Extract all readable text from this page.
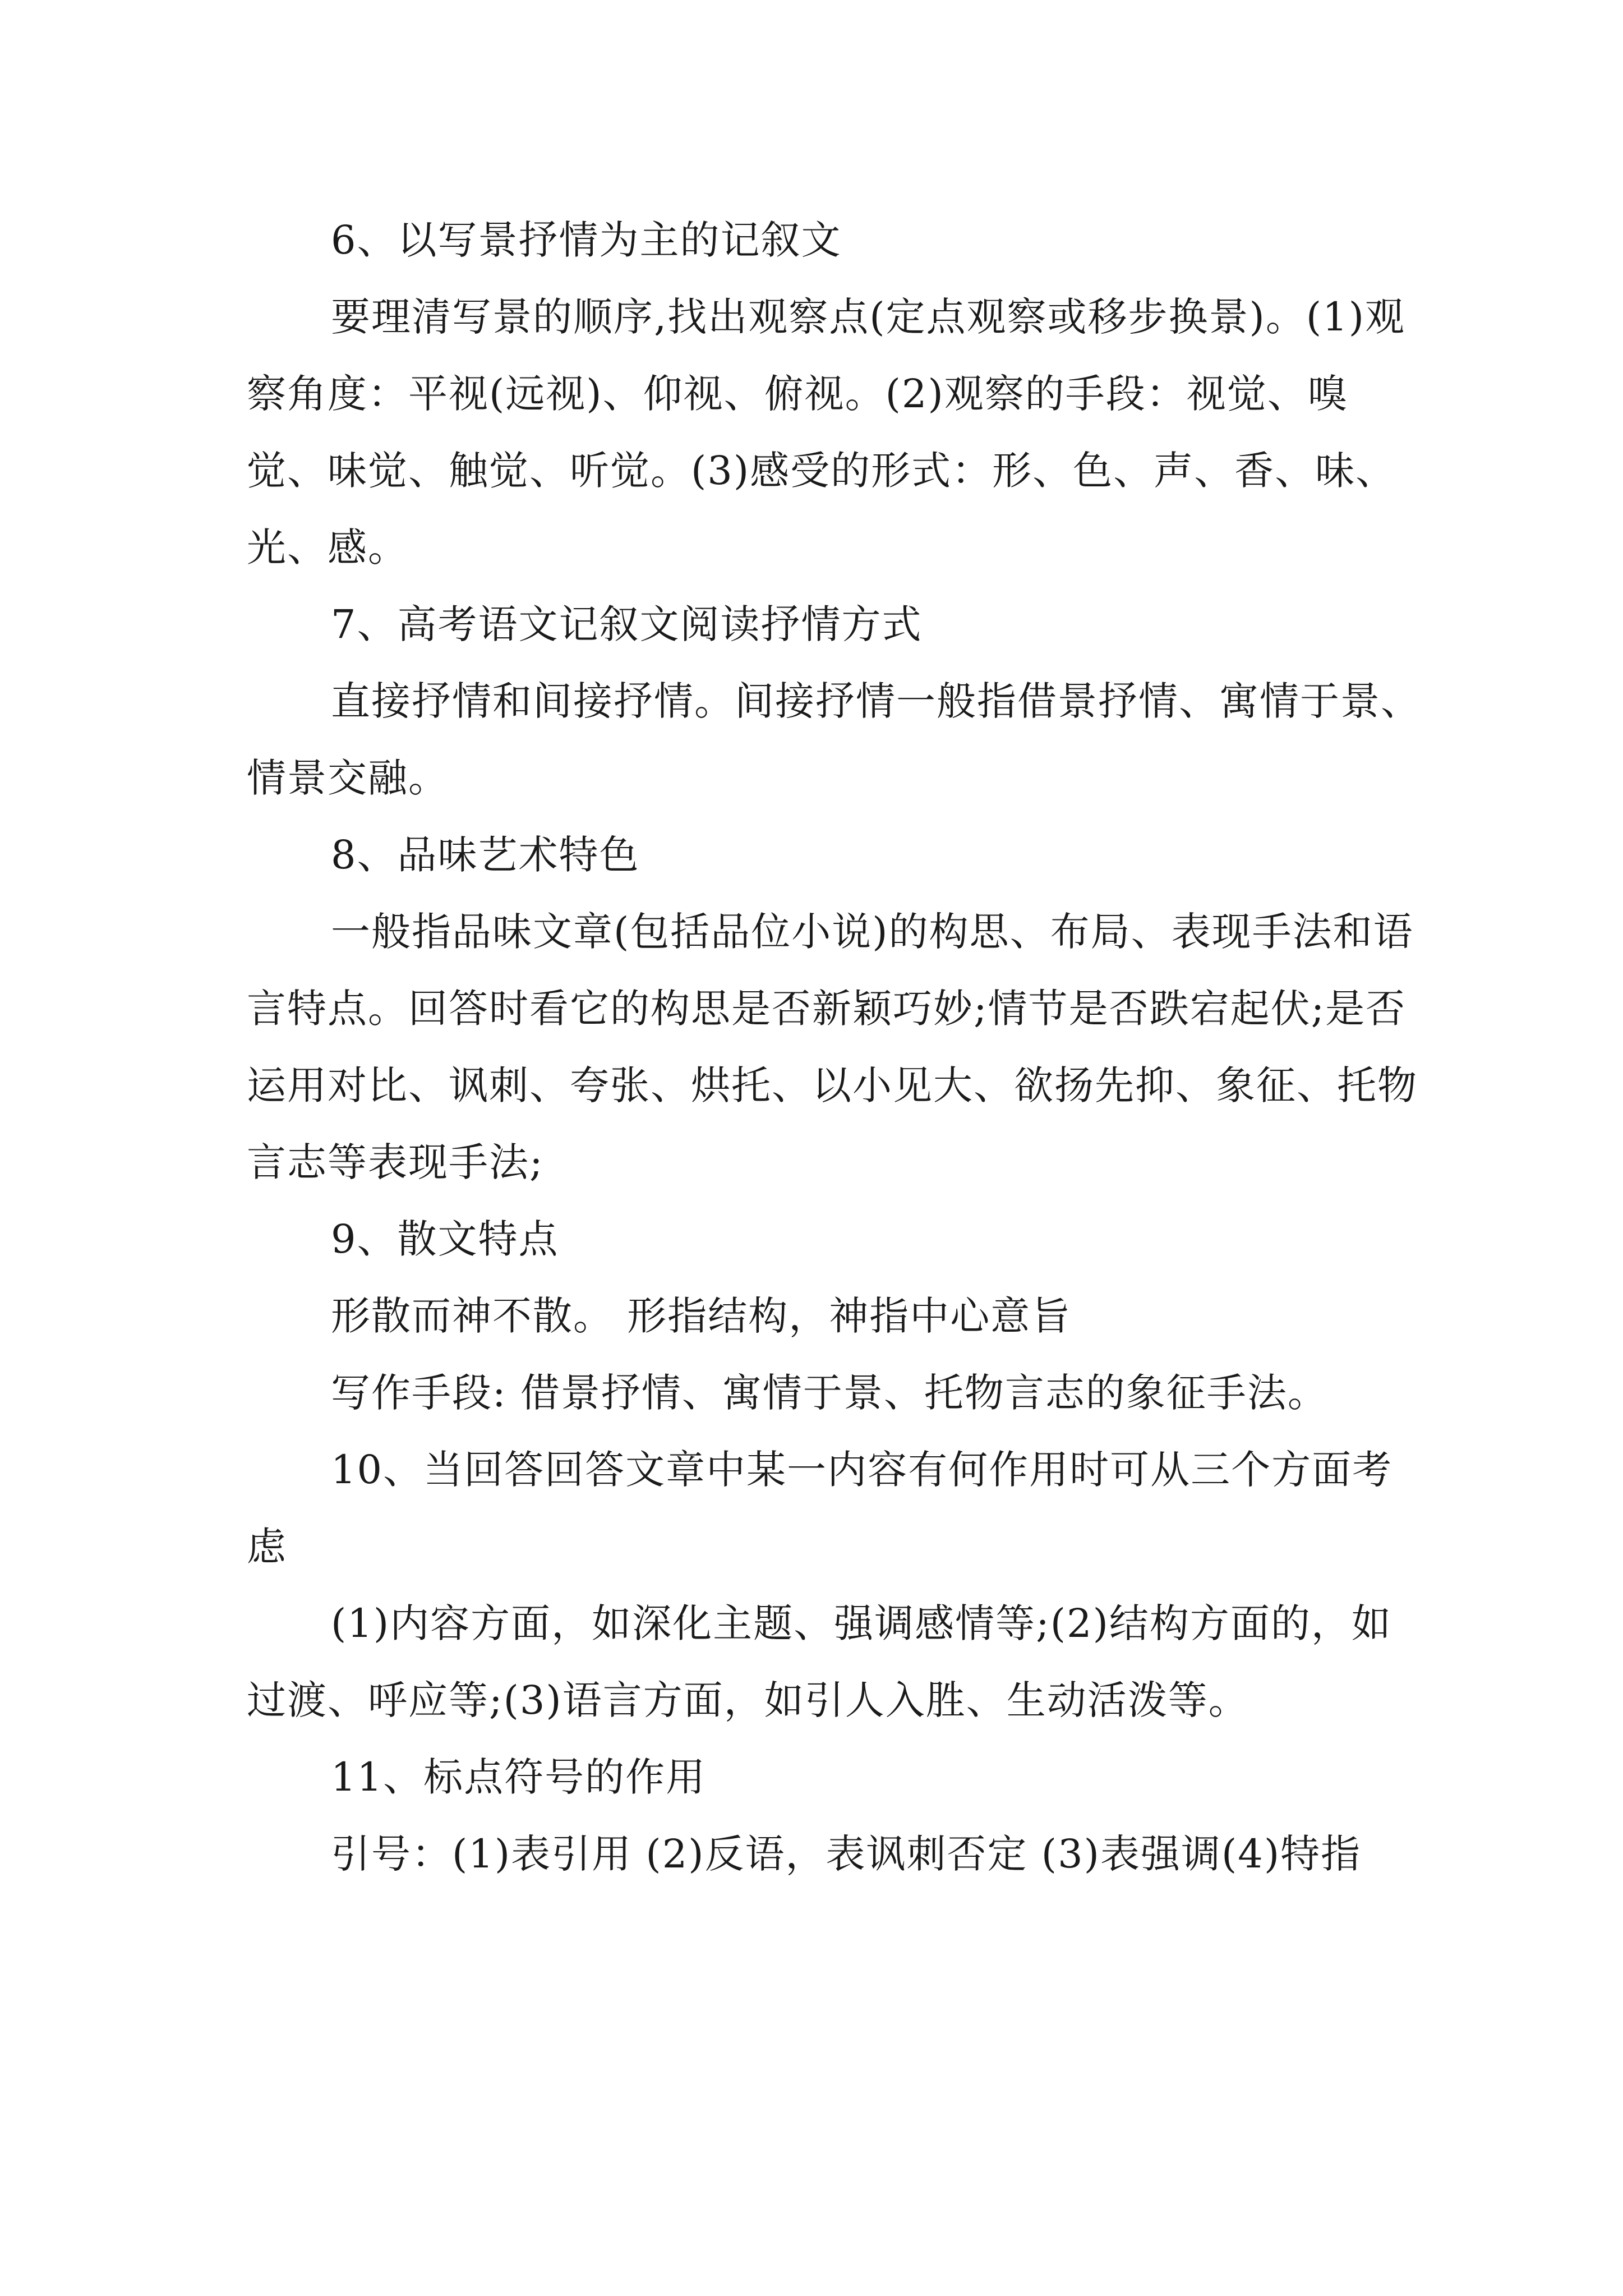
6、以写景抒情为主的记叙文

要理清写景的顺序,找出观察点(定点观察或移步换景)。(1)观察角度：平视(远视)、仰视、俯视。(2)观察的手段：视觉、嗅觉、味觉、触觉、听觉。(3)感受的形式：形、色、声、香、味、光、感。

7、高考语文记叙文阅读抒情方式

直接抒情和间接抒情。间接抒情一般指借景抒情、寓情于景、情景交融。

8、品味艺术特色

一般指品味文章(包括品位小说)的构思、布局、表现手法和语言特点。回答时看它的构思是否新颖巧妙;情节是否跌宕起伏;是否运用对比、讽刺、夸张、烘托、以小见大、欲扬先抑、象征、托物言志等表现手法;

9、散文特点

形散而神不散。 形指结构，神指中心意旨

写作手段: 借景抒情、寓情于景、托物言志的象征手法。

10、当回答回答文章中某一内容有何作用时可从三个方面考虑

(1)内容方面，如深化主题、强调感情等;(2)结构方面的，如过渡、呼应等;(3)语言方面，如引人入胜、生动活泼等。

11、标点符号的作用

引号：(1)表引用 (2)反语，表讽刺否定 (3)表强调(4)特指
